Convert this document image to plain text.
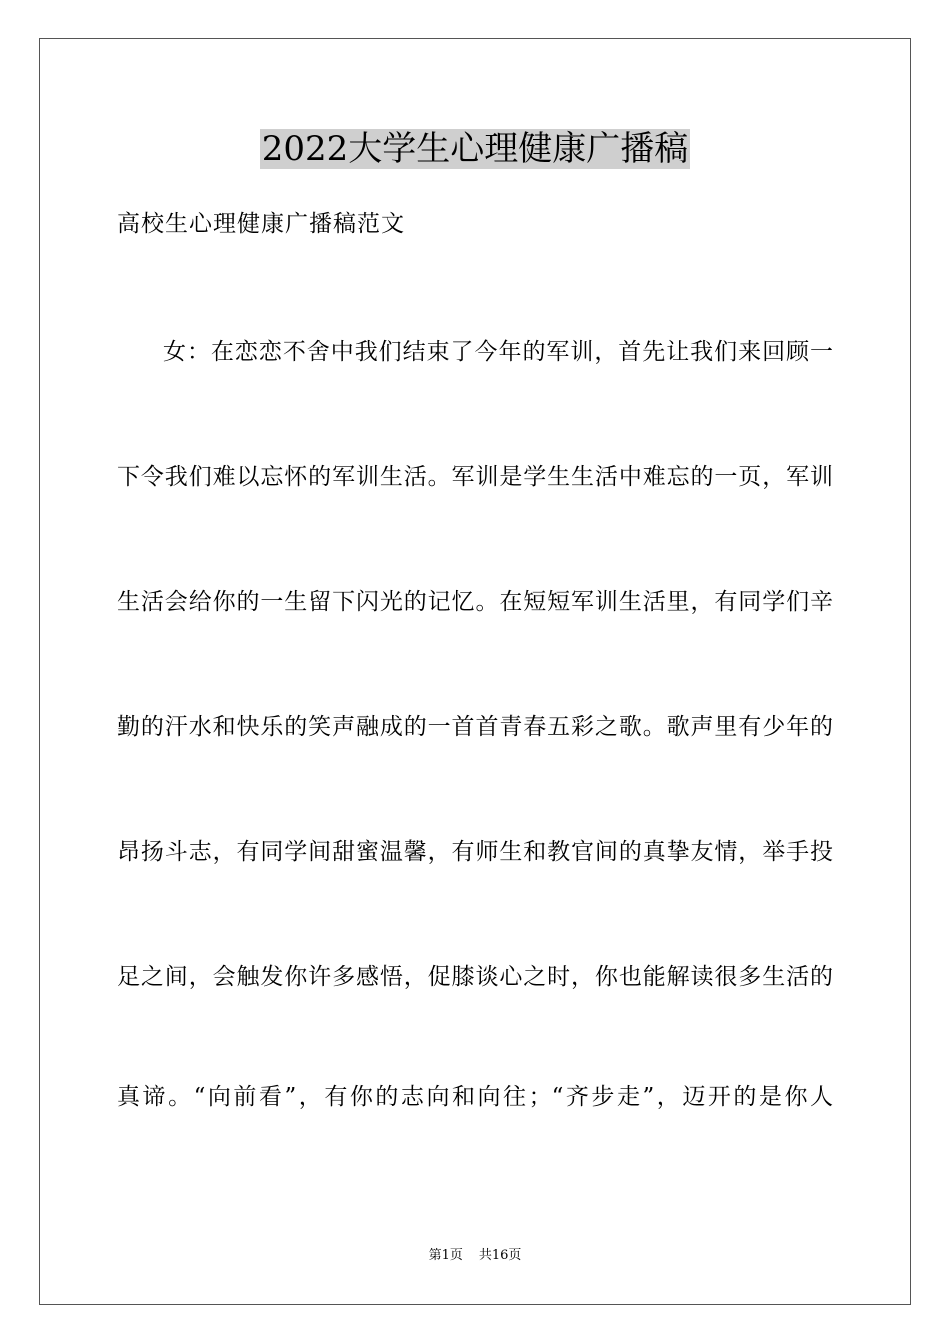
2022大学生心理健康广播稿
高校生心理健康广播稿范文
女：在恋恋不舍中我们结束了今年的军训，首先让我们来回顾一
下令我们难以忘怀的军训生活。军训是学生生活中难忘的一页，军训
生活会给你的一生留下闪光的记忆。在短短军训生活里，有同学们辛
勤的汗水和快乐的笑声融成的一首首青春五彩之歌。歌声里有少年的
昂扬斗志，有同学间甜蜜温馨，有师生和教官间的真挚友情，举手投
足之间，会触发你许多感悟，促膝谈心之时，你也能解读很多生活的
真谛。“向前看”，有你的志向和向往；“齐步走”，迈开的是你人
第1页 共16页
